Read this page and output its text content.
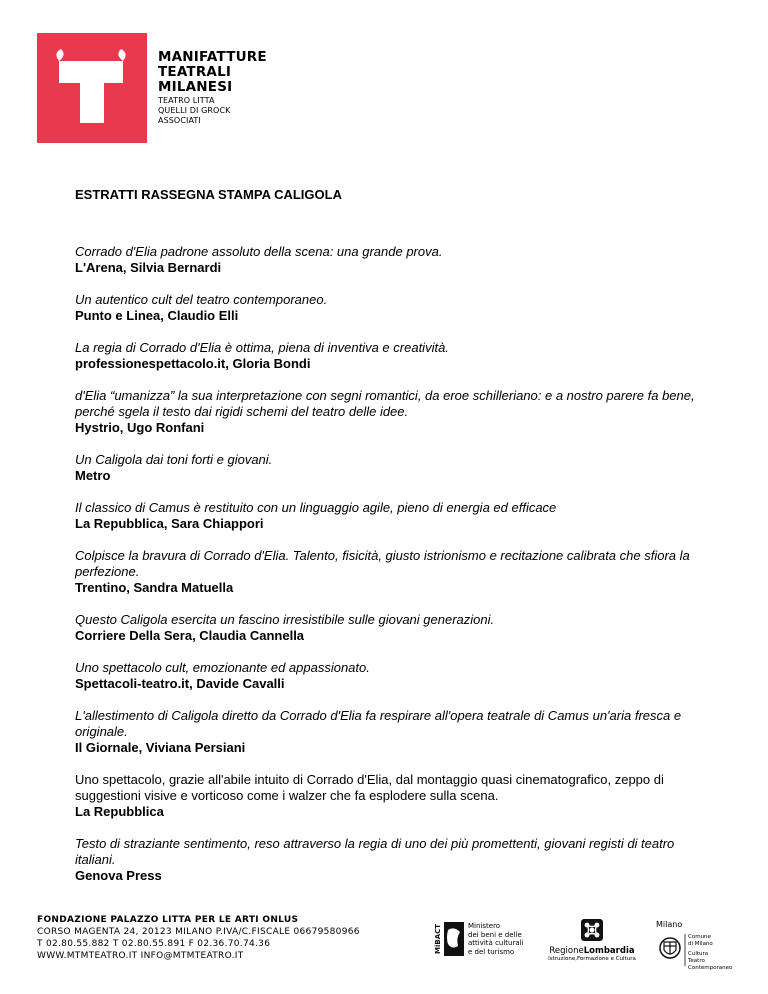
MANIFATTURE
TEATRALI
MILANESI
TEATRO LITTA
QUELLI DI GROCK
ASSOCIATI
ESTRATTI RASSEGNA STAMPA CALIGOLA
Corrado d'Elia padrone assoluto della scena: una grande prova.
L'Arena, Silvia Bernardi
Un autentico cult del teatro contemporaneo.
Punto e Linea, Claudio Elli
La regia di Corrado d'Elia è ottima, piena di inventiva e creatività.
professionespettacolo.it, Gloria Bondi
d'Elia “umanizza” la sua interpretazione con segni romantici, da eroe schilleriano: e a nostro parere fa bene, perché sgela il testo dai rigidi schemi del teatro delle idee.
Hystrio, Ugo Ronfani
Un Caligola dai toni forti e giovani.
Metro
Il classico di Camus è restituito con un linguaggio agile, pieno di energia ed efficace
La Repubblica, Sara Chiappori
Colpisce la bravura di Corrado d'Elia. Talento, fisicità, giusto istrionismo e recitazione calibrata che sfiora la perfezione.
Trentino, Sandra Matuella
Questo Caligola esercita un fascino irresistibile sulle giovani generazioni.
Corriere Della Sera, Claudia Cannella
Uno spettacolo cult, emozionante ed appassionato.
Spettacoli-teatro.it, Davide Cavalli
L'allestimento di Caligola diretto da Corrado d'Elia fa respirare all'opera teatrale di Camus un'aria fresca e originale.
Il Giornale, Viviana Persiani
Uno spettacolo, grazie all'abile intuito di Corrado d'Elia, dal montaggio quasi cinematografico, zeppo di suggestioni visive e vorticoso come i walzer che fa esplodere sulla scena.
La Repubblica
Testo di straziante sentimento, reso attraverso la regia di uno dei più promettenti, giovani registi di teatro italiani.
Genova Press
FONDAZIONE PALAZZO LITTA PER LE ARTI ONLUS
CORSO MAGENTA 24, 20123 MILANO P.IVA/C.FISCALE 06679580966
T 02.80.55.882 T 02.80.55.891 F 02.36.70.74.36
WWW.MTMTEATRO.IT INFO@MTMTEATRO.IT
MiBACT	Ministero
dei beni e delle
attività culturali
e del turismo	RegioneLombardia
Istruzione,Formazione e Cultura
Milano
Comune
di Milano
Cultura
Teatro Contemporaneo
